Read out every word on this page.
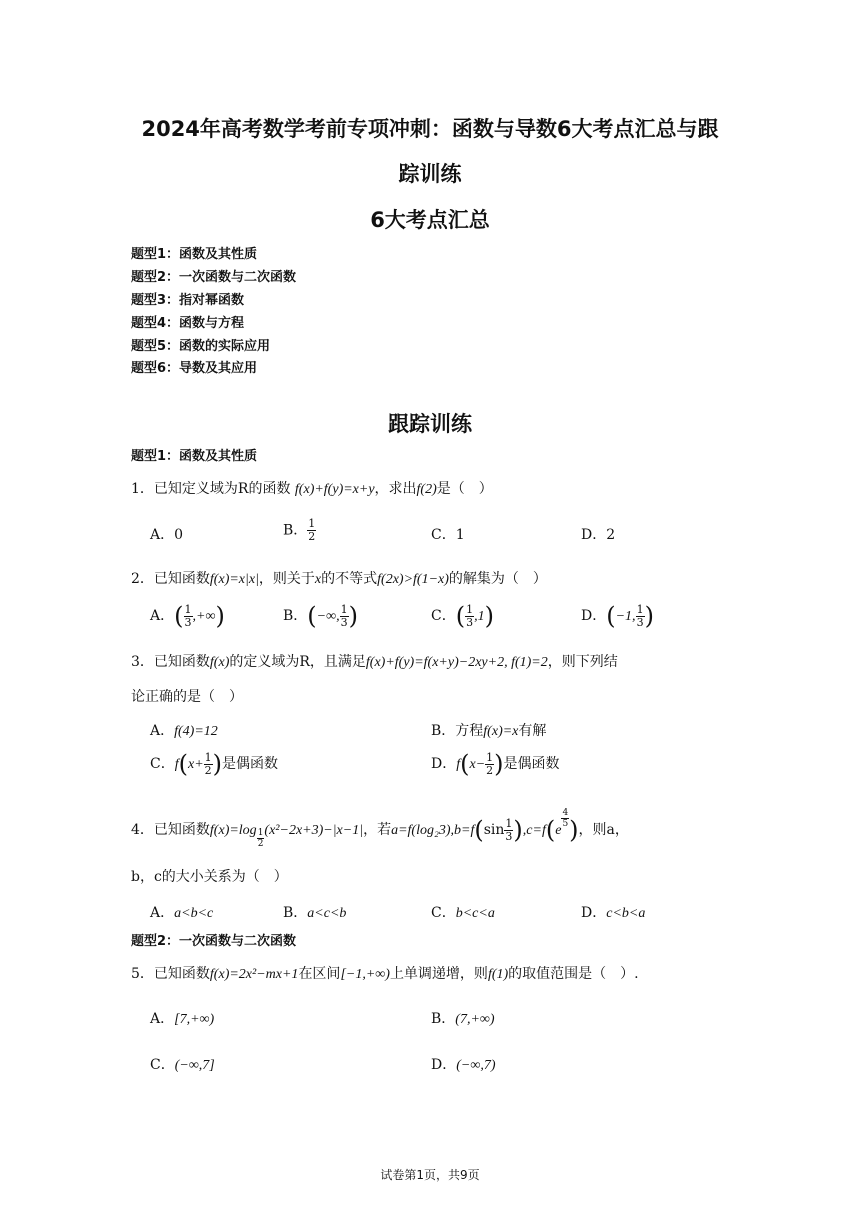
2024年高考数学考前专项冲刺：函数与导数6大考点汇总与跟
踪训练
6大考点汇总
题型1：函数及其性质
题型2：一次函数与二次函数
题型3：指对幂函数
题型4：函数与方程
题型5：函数的实际应用
题型6：导数及其应用
跟踪训练
题型1：函数及其性质
1．已知定义域为R的函数 f(x)+f(y)=x+y，求出f(2)是（　）
A．0	B． $\frac{1}{2}$	C．1	D．2
2．已知函数f(x)=x|x|，则关于x的不等式f(2x)>f(1−x)的解集为（　）
A．( $\frac{1}{3}$ ,+∞)	B．(−∞, $\frac{1}{3}$ )	C．( $\frac{1}{3} ,1$)	D．(−1, $\frac{1}{3}$ )
3．已知函数f(x)的定义域为R，且满足f(x)+f(y)=f(x+y)−2xy+2, f(1)=2，则下列结
论正确的是（　）
A．f(4)=12	B．方程f(x)=x有解
C．$f(x+ \frac{1}{2}$ )是偶函数	D．$f(x- \frac{1}{2}$ )是偶函数
4．已知函数$f(x)=\log \frac{1}{2} (x^2-2x+3)-|x-1|$，若$a=f(\log_23),b=f(\sin \frac{1}{3} ),c=f(e$
$\frac{4}{5}$ )，则a，
b，c的大小关系为（　）
A．a<b<c	B．a<c<b	C．b<c<a	D．c<b<a
题型2：一次函数与二次函数
5．已知函数f(x)=2x²−mx+1在区间[−1,+∞)上单调递增，则f(1)的取值范围是（　）.
A．[7,+∞)	B．(7,+∞)
C．(−∞,7]	D．(−∞,7)
试卷第1页，共9页
